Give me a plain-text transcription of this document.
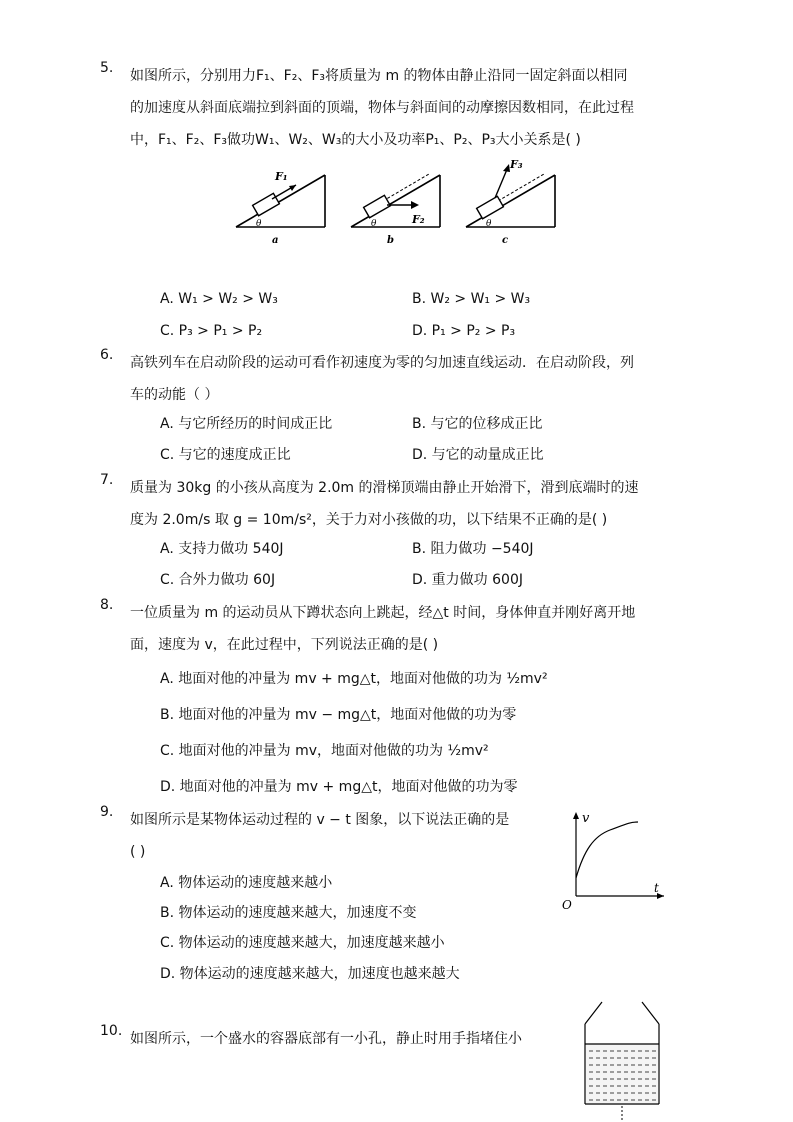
5. 如图所示，分别用力F₁、F₂、F₃将质量为 m 的物体由静止沿同一固定斜面以相同
的加速度从斜面底端拉到斜面的顶端，物体与斜面间的动摩擦因数相同，在此过程
中，F₁、F₂、F₃做功W₁、W₂、W₃的大小及功率P₁、P₂、P₃大小关系是( )
F₁
θ
a
F₂
θ
b
F₃
θ
c
A. W₁ > W₂ > W₃	B. W₂ > W₁ > W₃
C. P₃ > P₁ > P₂	D. P₁ > P₂ > P₃
6. 高铁列车在启动阶段的运动可看作初速度为零的匀加速直线运动．在启动阶段，列
车的动能（ ）
A. 与它所经历的时间成正比	B. 与它的位移成正比
C. 与它的速度成正比	D. 与它的动量成正比
7. 质量为 30kg 的小孩从高度为 2.0m 的滑梯顶端由静止开始滑下，滑到底端时的速
度为 2.0m/s 取 g = 10m/s²，关于力对小孩做的功，以下结果不正确的是( )
A. 支持力做功 540J	B. 阻力做功 −540J
C. 合外力做功 60J	D. 重力做功 600J
8. 一位质量为 m 的运动员从下蹲状态向上跳起，经△t 时间，身体伸直并刚好离开地
面，速度为 v，在此过程中，下列说法正确的是( )
A. 地面对他的冲量为 mv + mg△t，地面对他做的功为 ½mv²
B. 地面对他的冲量为 mv − mg△t，地面对他做的功为零
C. 地面对他的冲量为 mv，地面对他做的功为 ½mv²
D. 地面对他的冲量为 mv + mg△t，地面对他做的功为零
9. 如图所示是某物体运动过程的 v − t 图象，以下说法正确的是
( )
A. 物体运动的速度越来越小
B. 物体运动的速度越来越大，加速度不变
C. 物体运动的速度越来越大，加速度越来越小
D. 物体运动的速度越来越大，加速度也越来越大
v
t
O
10. 如图所示，一个盛水的容器底部有一小孔，静止时用手指堵住小
